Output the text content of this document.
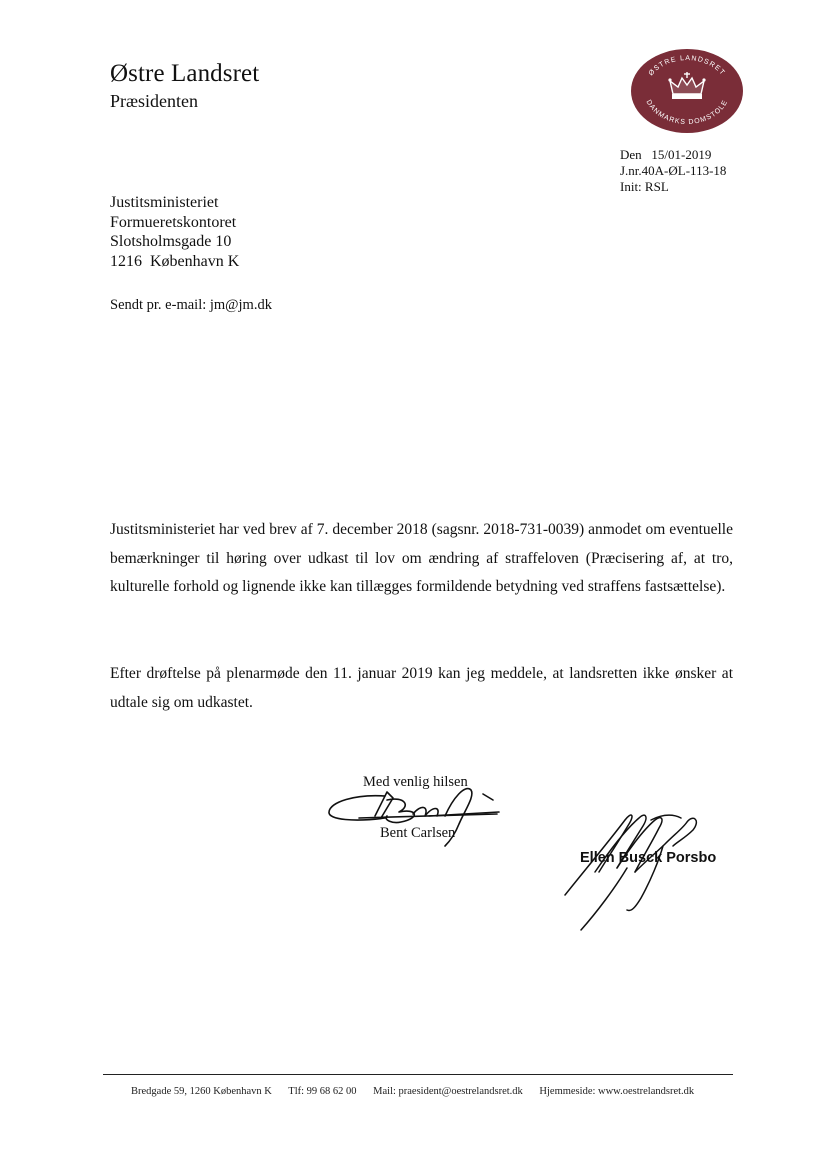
Østre Landsret
Præsidenten
ØSTRE LANDSRET
DANMARKS DOMSTOLE
Den   15/01-2019
J.nr.40A-ØL-113-18
Init: RSL
Justitsministeriet
Formueretskontoret
Slotsholmsgade 10
1216  København K
Sendt pr. e-mail: jm@jm.dk
Justitsministeriet har ved brev af 7. december 2018 (sagsnr. 2018-731-0039) anmodet om eventuelle bemærkninger til høring over udkast til lov om ændring af straffeloven (Præcisering af, at tro, kulturelle forhold og lignende ikke kan tillægges formildende betydning ved straffens fastsættelse).
Efter drøftelse på plenarmøde den 11. januar 2019 kan jeg meddele, at landsretten ikke ønsker at udtale sig om udkastet.
Med venlig hilsen
Bent Carlsen
Ellen Busck Porsbo
Bredgade 59, 1260 København K Tlf: 99 68 62 00 Mail: praesident@oestrelandsret.dk Hjemmeside: www.oestrelandsret.dk
